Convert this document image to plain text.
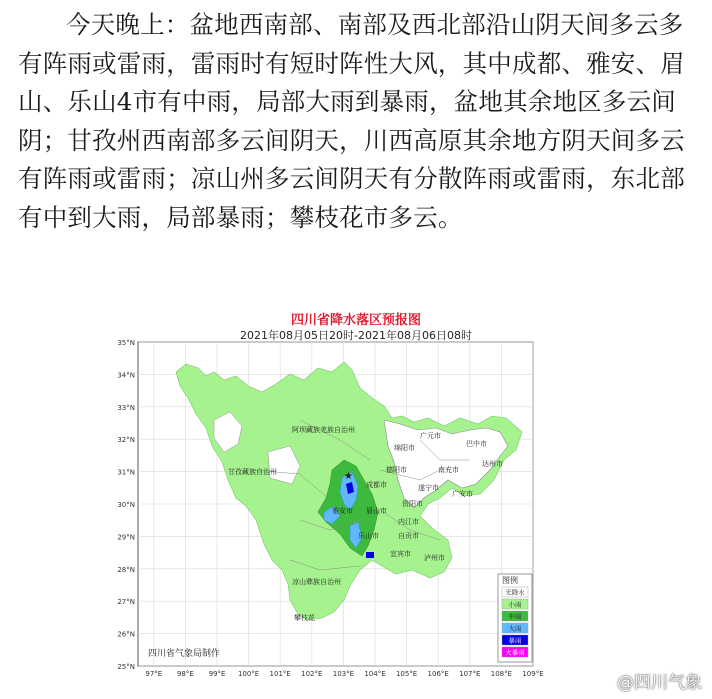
今天晚上：盆地西南部、南部及西北部沿山阴天间多云多有阵雨或雷雨，雷雨时有短时阵性大风，其中成都、雅安、眉山、乐山4市有中雨，局部大雨到暴雨，盆地其余地区多云间阴；甘孜州西南部多云间阴天，川西高原其余地方阴天间多云有阵雨或雷雨；凉山州多云间阴天有分散阵雨或雷雨，东北部有中到大雨，局部暴雨；攀枝花市多云。
四川省降水落区预报图
2021年08月05日20时-2021年08月06日08时
97°E 98°E 99°E 100°E 101°E 102°E 103°E 104°E 105°E 106°E 107°E 108°E 109°E
35°N
34°N
33°N
32°N
31°N
30°N
29°N
28°N
27°N
26°N
25°N
阿坝藏族羌族自治州
甘孜藏族自治州
凉山彝族自治州
成都市
雅安市 眉山市
乐山市
宜宾市 泸州市
自贡市
内江市
资阳市
遂宁市
南充市
广安市
达州市
巴中市
广元市
绵阳市
德阳市
攀枝花
★
四川省气象局制作
图例
无降水
小雨
中雨
大雨
暴雨
大暴雨
@四川气象
